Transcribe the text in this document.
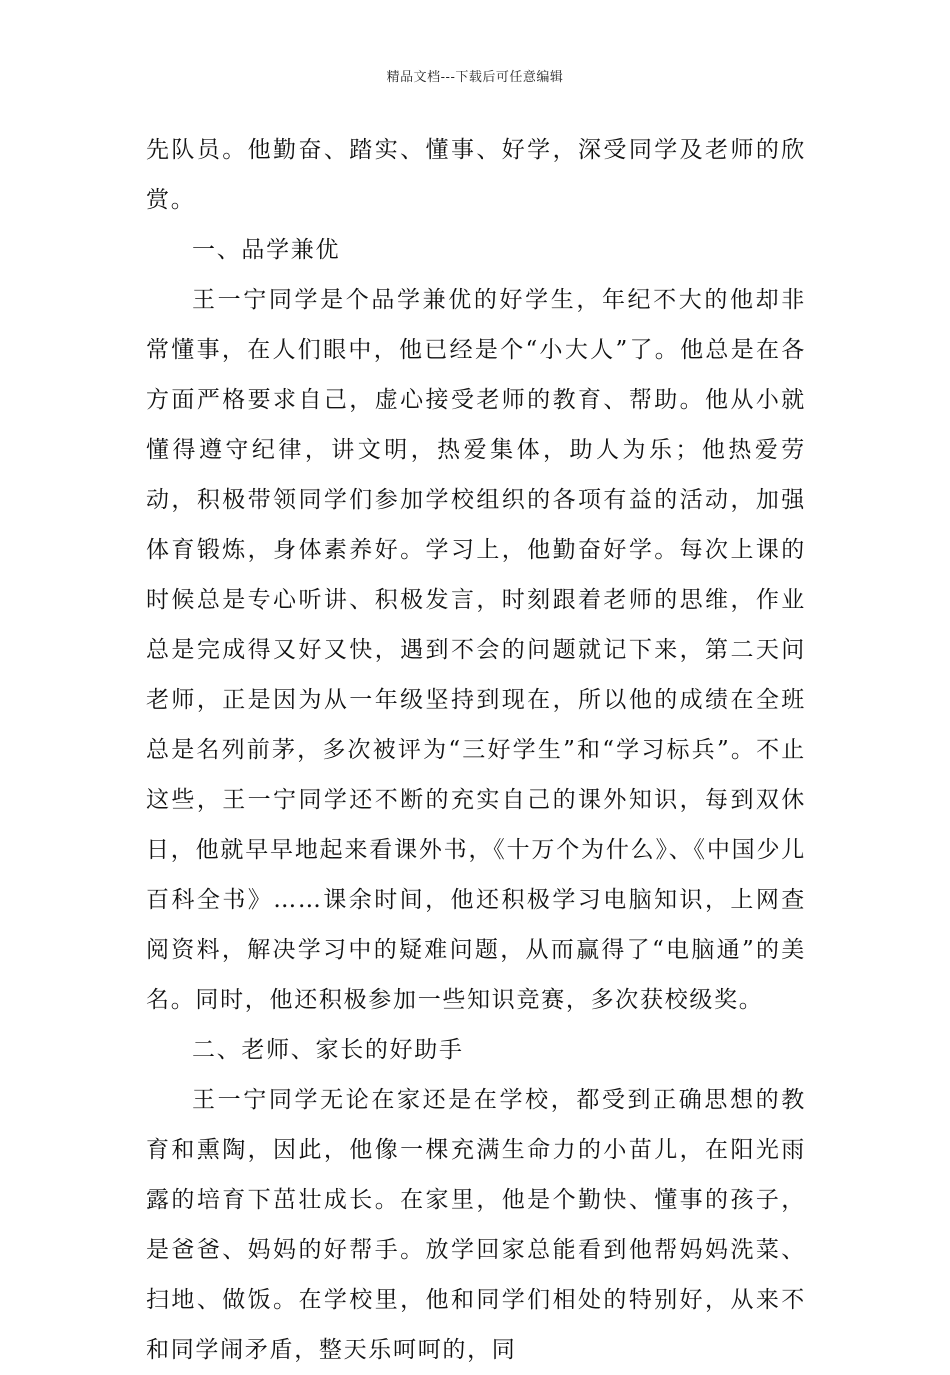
精品文档---下载后可任意编辑

先队员。他勤奋、踏实、懂事、好学，深受同学及老师的欣赏。

一、品学兼优

王一宁同学是个品学兼优的好学生，年纪不大的他却非常懂事，在人们眼中，他已经是个“小大人”了。他总是在各方面严格要求自己，虚心接受老师的教育、帮助。他从小就懂得遵守纪律，讲文明，热爱集体，助人为乐；他热爱劳动，积极带领同学们参加学校组织的各项有益的活动，加强体育锻炼，身体素养好。学习上，他勤奋好学。每次上课的时候总是专心听讲、积极发言，时刻跟着老师的思维，作业总是完成得又好又快，遇到不会的问题就记下来，第二天问老师，正是因为从一年级坚持到现在，所以他的成绩在全班总是名列前茅，多次被评为“三好学生”和“学习标兵”。不止这些，王一宁同学还不断的充实自己的课外知识，每到双休日，他就早早地起来看课外书，《十万个为什么》、《中国少儿百科全书》……课余时间，他还积极学习电脑知识，上网查阅资料，解决学习中的疑难问题，从而赢得了“电脑通”的美名。同时，他还积极参加一些知识竞赛，多次获校级奖。

二、老师、家长的好助手

王一宁同学无论在家还是在学校，都受到正确思想的教育和熏陶，因此，他像一棵充满生命力的小苗儿，在阳光雨露的培育下茁壮成长。在家里，他是个勤快、懂事的孩子，是爸爸、妈妈的好帮手。放学回家总能看到他帮妈妈洗菜、扫地、做饭。在学校里，他和同学们相处的特别好，从来不和同学闹矛盾，整天乐呵呵的，同
